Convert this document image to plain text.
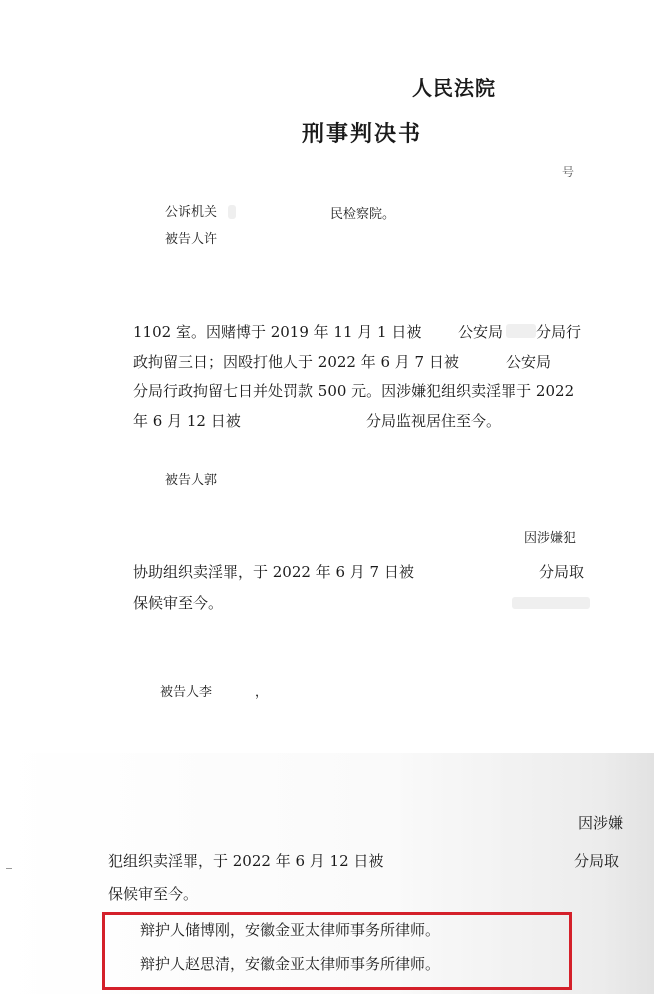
人民法院
刑事判决书
号
公诉机关	民检察院。
被告人许
1102 室。因赌博于 2019 年 11 月 1 日被 公安局 分局行
政拘留三日；因殴打他人于 2022 年 6 月 7 日被	公安局
分局行政拘留七日并处罚款 500 元。因涉嫌犯组织卖淫罪于 2022
年 6 月 12 日被	分局监视居住至今。
被告人郭
因涉嫌犯
协助组织卖淫罪，于 2022 年 6 月 7 日被	分局取
保候审至今。
被告人李	，
因涉嫌
犯组织卖淫罪，于 2022 年 6 月 12 日被	分局取
保候审至今。
辩护人储博刚，安徽金亚太律师事务所律师。
辩护人赵思清，安徽金亚太律师事务所律师。
